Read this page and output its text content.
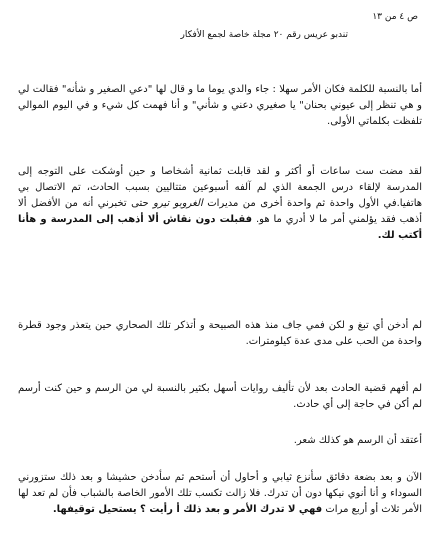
ص ٤ من ١٣
تندبو عريس رقم ٢٠ مجلة خاصة لجمع الأفكار

أما بالنسبة للكلمة فكان الأمر سهلا : جاء والدي يوما ما و قال لها "دعي الصغير و شأنه" فقالت لي و هي تنظر إلى عيوني بحنان" يا صغيري دعني و شأني" و أنا فهمت كل شيء و في اليوم الموالي تلفظت بكلماتي الأولى.

لقد مضت ست ساعات أو أكثر و لقد قابلت ثمانية أشخاصا و حين أوشكت على التوجه إلى المدرسة لإلقاء درس الجمعة الذي لم آلفه أسبوعين متتاليين بسبب الحادث، تم الاتصال بي هاتفيا.في الأول واحدة ثم واحدة أخرى من مديرات الغروبو تيرو حتى تخبرني أنه من الأفضل ألا أذهب فقد يؤلمني أمر ما لا أدري ما هو. فقبلت دون نقاش ألا أذهب إلى المدرسة و هأنا أكتب لك.

لم أدخن أي تبغ و لكن فمي جاف منذ هذه الصبيحة و أتذكر تلك الصحاري حين يتعذر وجود قطرة واحدة من الحب على مدى عدة كيلومترات.

لم أفهم قضية الحادث بعد لأن تأليف روايات أسهل بكثير بالنسبة لي من الرسم و حين كنت أرسم لم أكن في حاجة إلى أي حادث.

أعتقد أن الرسم هو كذلك شعر.

الآن و بعد بضعة دقائق سأنزع ثيابي و أحاول أن أستحم ثم سأدخن حشيشا و بعد ذلك ستزورني السوداء و أنا أنوي نيكها دون أن تدرك. فلا زالت تكسب تلك الأمور الخاصة بالشباب فأن لم تعد لها الأمر ثلاث أو أربع مرات فهي لا تدرك الأمر و بعد ذلك أ رأيت ؟ يستحيل توقيفها.
